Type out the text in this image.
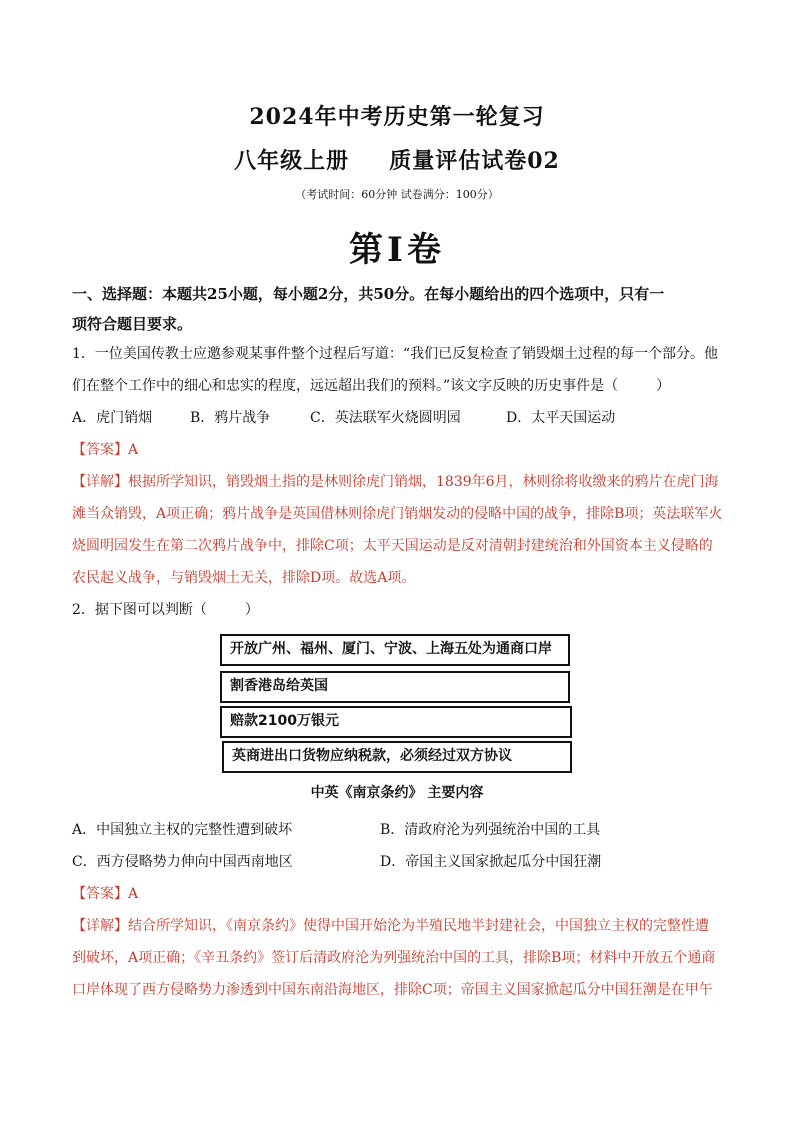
2024年中考历史第一轮复习
八年级上册 质量评估试卷02
（考试时间：60分钟 试卷满分：100分）
第Ⅰ卷
一、选择题：本题共25小题，每小题2分，共50分。在每小题给出的四个选项中，只有一
项符合题目要求。
1．一位美国传教士应邀参观某事件整个过程后写道：“我们已反复检查了销毁烟土过程的每一个部分。他
们在整个工作中的细心和忠实的程度，远远超出我们的预料。”该文字反映的历史事件是（	）
A．虎门销烟	B．鸦片战争	C．英法联军火烧圆明园	D．太平天国运动
【答案】A
【详解】根据所学知识，销毁烟土指的是林则徐虎门销烟，1839年6月，林则徐将收缴来的鸦片在虎门海
滩当众销毁，A项正确；鸦片战争是英国借林则徐虎门销烟发动的侵略中国的战争，排除B项；英法联军火
烧圆明园发生在第二次鸦片战争中，排除C项；太平天国运动是反对清朝封建统治和外国资本主义侵略的
农民起义战争，与销毁烟土无关，排除D项。故选A项。
2．据下图可以判断（	）
开放广州、福州、厦门、宁波、上海五处为通商口岸
割香港岛给英国
赔款2100万银元
英商进出口货物应纳税款，必须经过双方协议
中英《南京条约》 主要内容
A．中国独立主权的完整性遭到破坏	B．清政府沦为列强统治中国的工具
C．西方侵略势力伸向中国西南地区	D．帝国主义国家掀起瓜分中国狂潮
【答案】A
【详解】结合所学知识，《南京条约》使得中国开始沦为半殖民地半封建社会，中国独立主权的完整性遭
到破坏，A项正确；《辛丑条约》签订后清政府沦为列强统治中国的工具，排除B项；材料中开放五个通商
口岸体现了西方侵略势力渗透到中国东南沿海地区，排除C项；帝国主义国家掀起瓜分中国狂潮是在甲午
